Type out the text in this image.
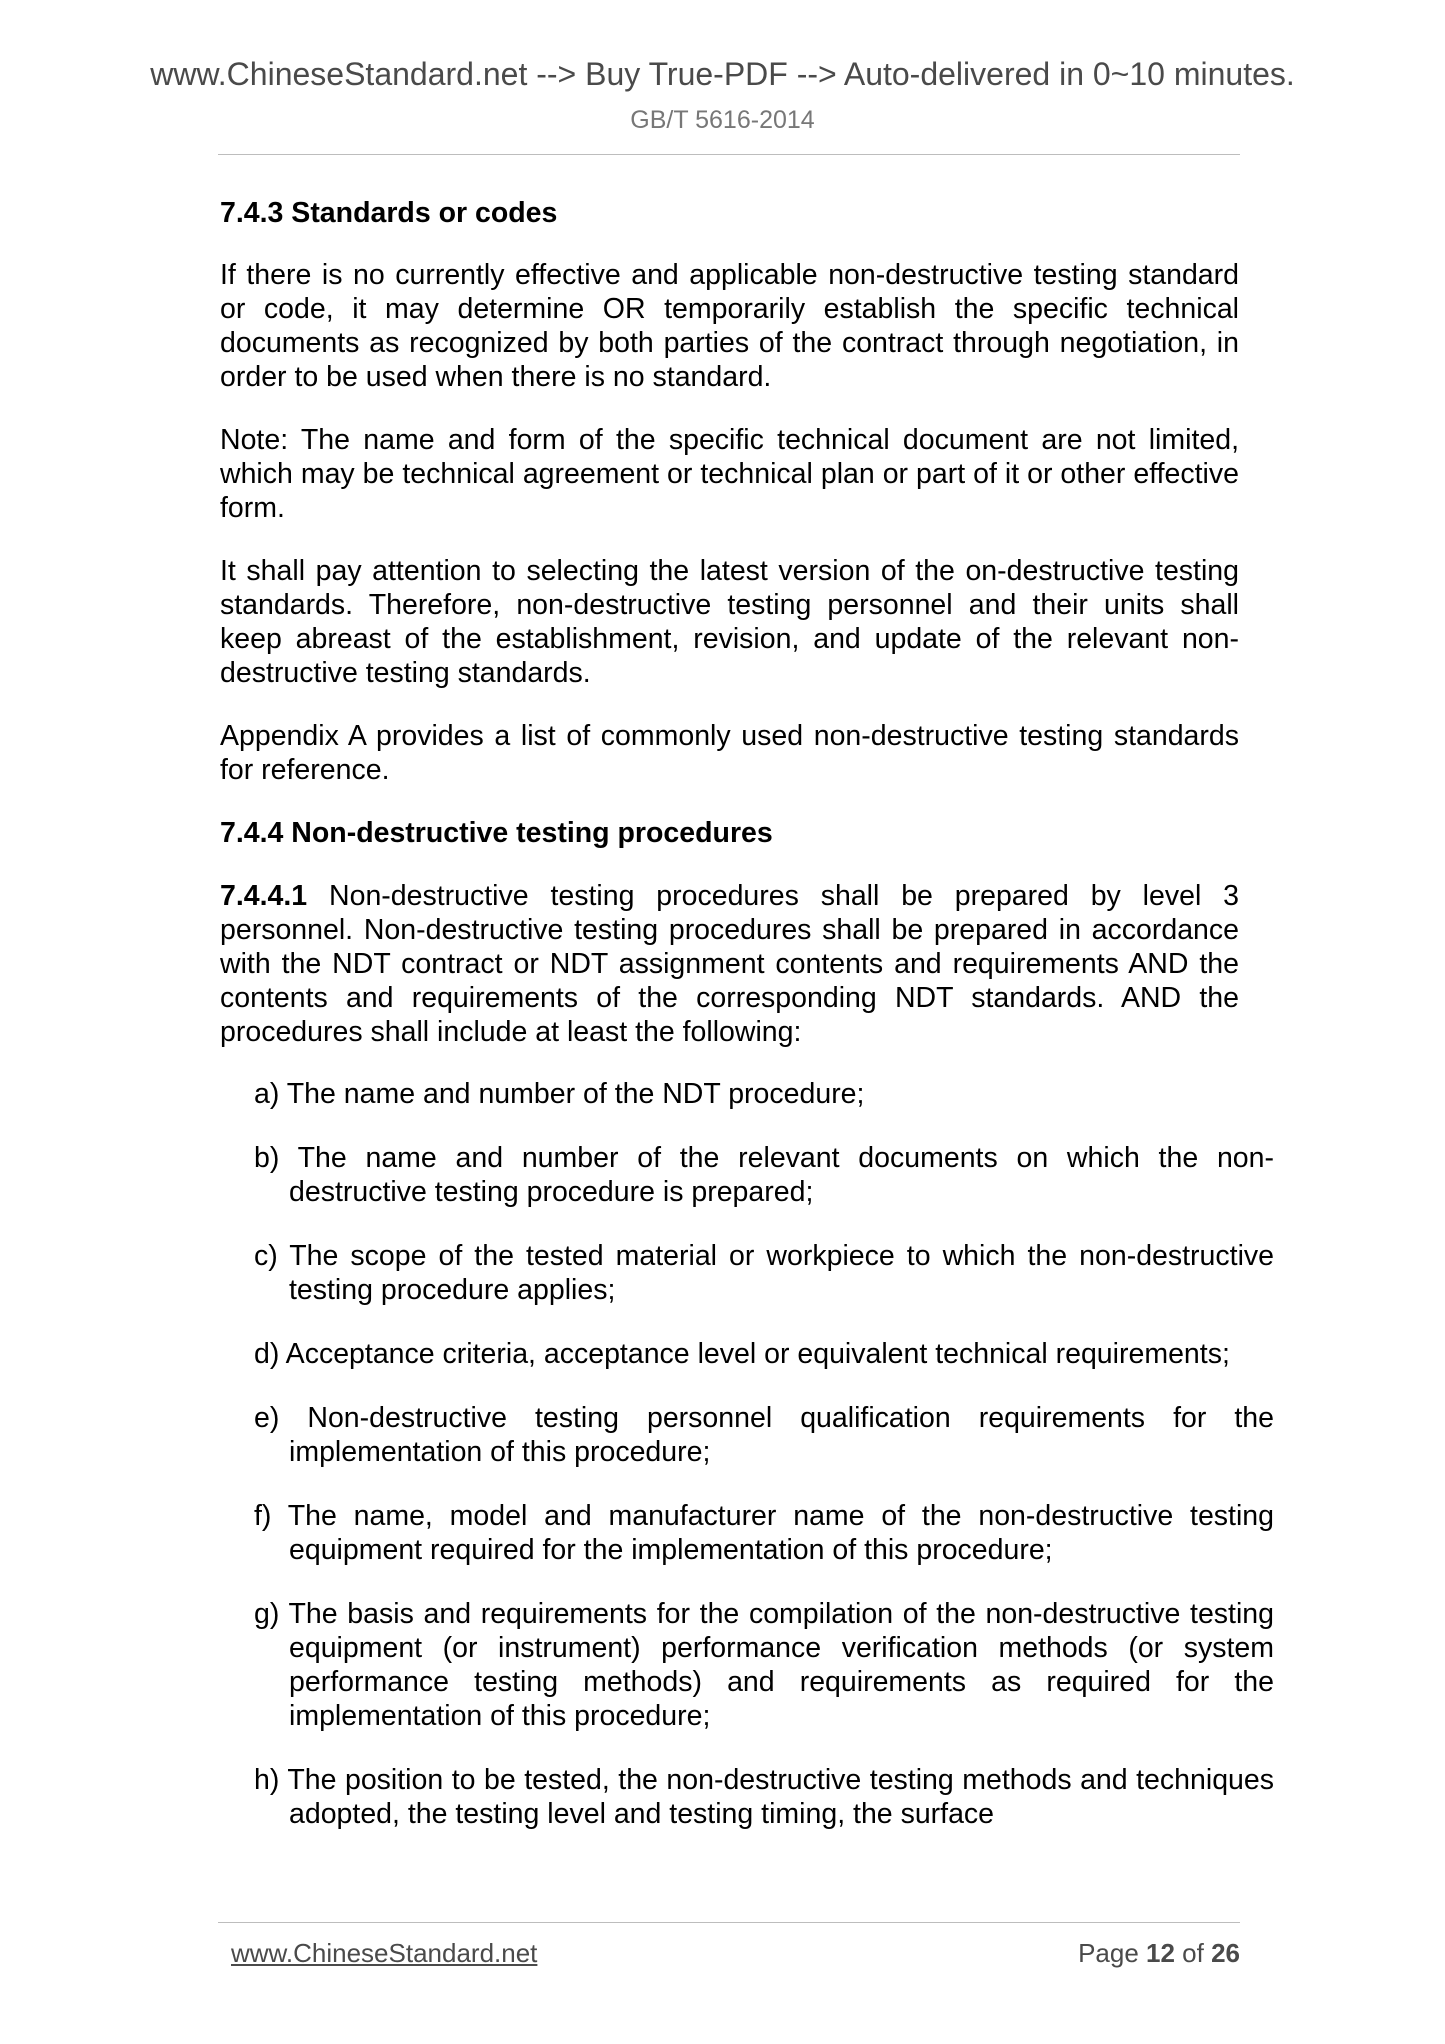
www.ChineseStandard.net --> Buy True-PDF --> Auto-delivered in 0~10 minutes.
GB/T 5616-2014
7.4.3 Standards or codes

If there is no currently effective and applicable non-destructive testing standard or code, it may determine OR temporarily establish the specific technical documents as recognized by both parties of the contract through negotiation, in order to be used when there is no standard.

Note: The name and form of the specific technical document are not limited, which may be technical agreement or technical plan or part of it or other effective form.

It shall pay attention to selecting the latest version of the on-destructive testing standards. Therefore, non-destructive testing personnel and their units shall keep abreast of the establishment, revision, and update of the relevant non-destructive testing standards.

Appendix A provides a list of commonly used non-destructive testing standards for reference.

7.4.4 Non-destructive testing procedures

7.4.4.1 Non-destructive testing procedures shall be prepared by level 3 personnel. Non-destructive testing procedures shall be prepared in accordance with the NDT contract or NDT assignment contents and requirements AND the contents and requirements of the corresponding NDT standards. AND the procedures shall include at least the following:

a) The name and number of the NDT procedure;
b) The name and number of the relevant documents on which the non-destructive testing procedure is prepared;
c) The scope of the tested material or workpiece to which the non-destructive testing procedure applies;
d) Acceptance criteria, acceptance level or equivalent technical requirements;
e) Non-destructive testing personnel qualification requirements for the implementation of this procedure;
f) The name, model and manufacturer name of the non-destructive testing equipment required for the implementation of this procedure;
g) The basis and requirements for the compilation of the non-destructive testing equipment (or instrument) performance verification methods (or system performance testing methods) and requirements as required for the implementation of this procedure;
h) The position to be tested, the non-destructive testing methods and techniques adopted, the testing level and testing timing, the surface
www.ChineseStandard.net	Page 12 of 26
